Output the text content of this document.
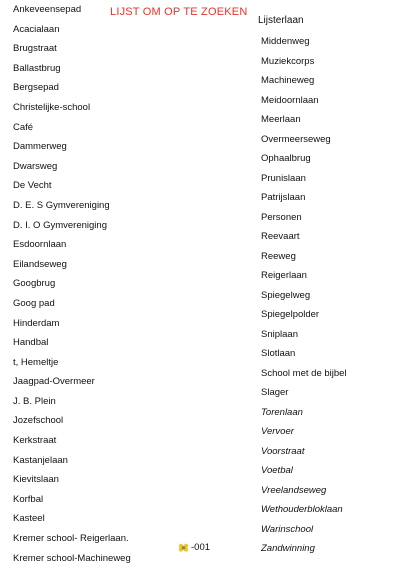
LIJST OM OP TE ZOEKEN
Ankeveensepad
Acacialaan
Brugstraat
Ballastbrug
Bergsepad
Christelijke-school
Café
Dammerweg
Dwarsweg
De Vecht
D. E. S Gymvereniging
D. I. O Gymvereniging
Esdoornlaan
Eilandseweg
Googbrug
Goog pad
Hinderdam
Handbal
t, Hemeltje
Jaagpad-Overmeer
J. B. Plein
Jozefschool
Kerkstraat
Kastanjelaan
Kievitslaan
Korfbal
Kasteel
Kremer school- Reigerlaan.
Kremer school-Machineweg
Lijsterlaan
Middenweg
Muziekcorps
Machineweg
Meidoornlaan
Meerlaan
Overmeerseweg
Ophaalbrug
Prunislaan
Patrijslaan
Personen
Reevaart
Reeweg
Reigerlaan
Spiegelweg
Spiegelpolder
Sniplaan
Slotlaan
School met de bijbel
Slager
Torenlaan
Vervoer
Voorstraat
Voetbal
Vreelandseweg
Wethouderbloklaan
Warinschool
Zandwinning
-001
